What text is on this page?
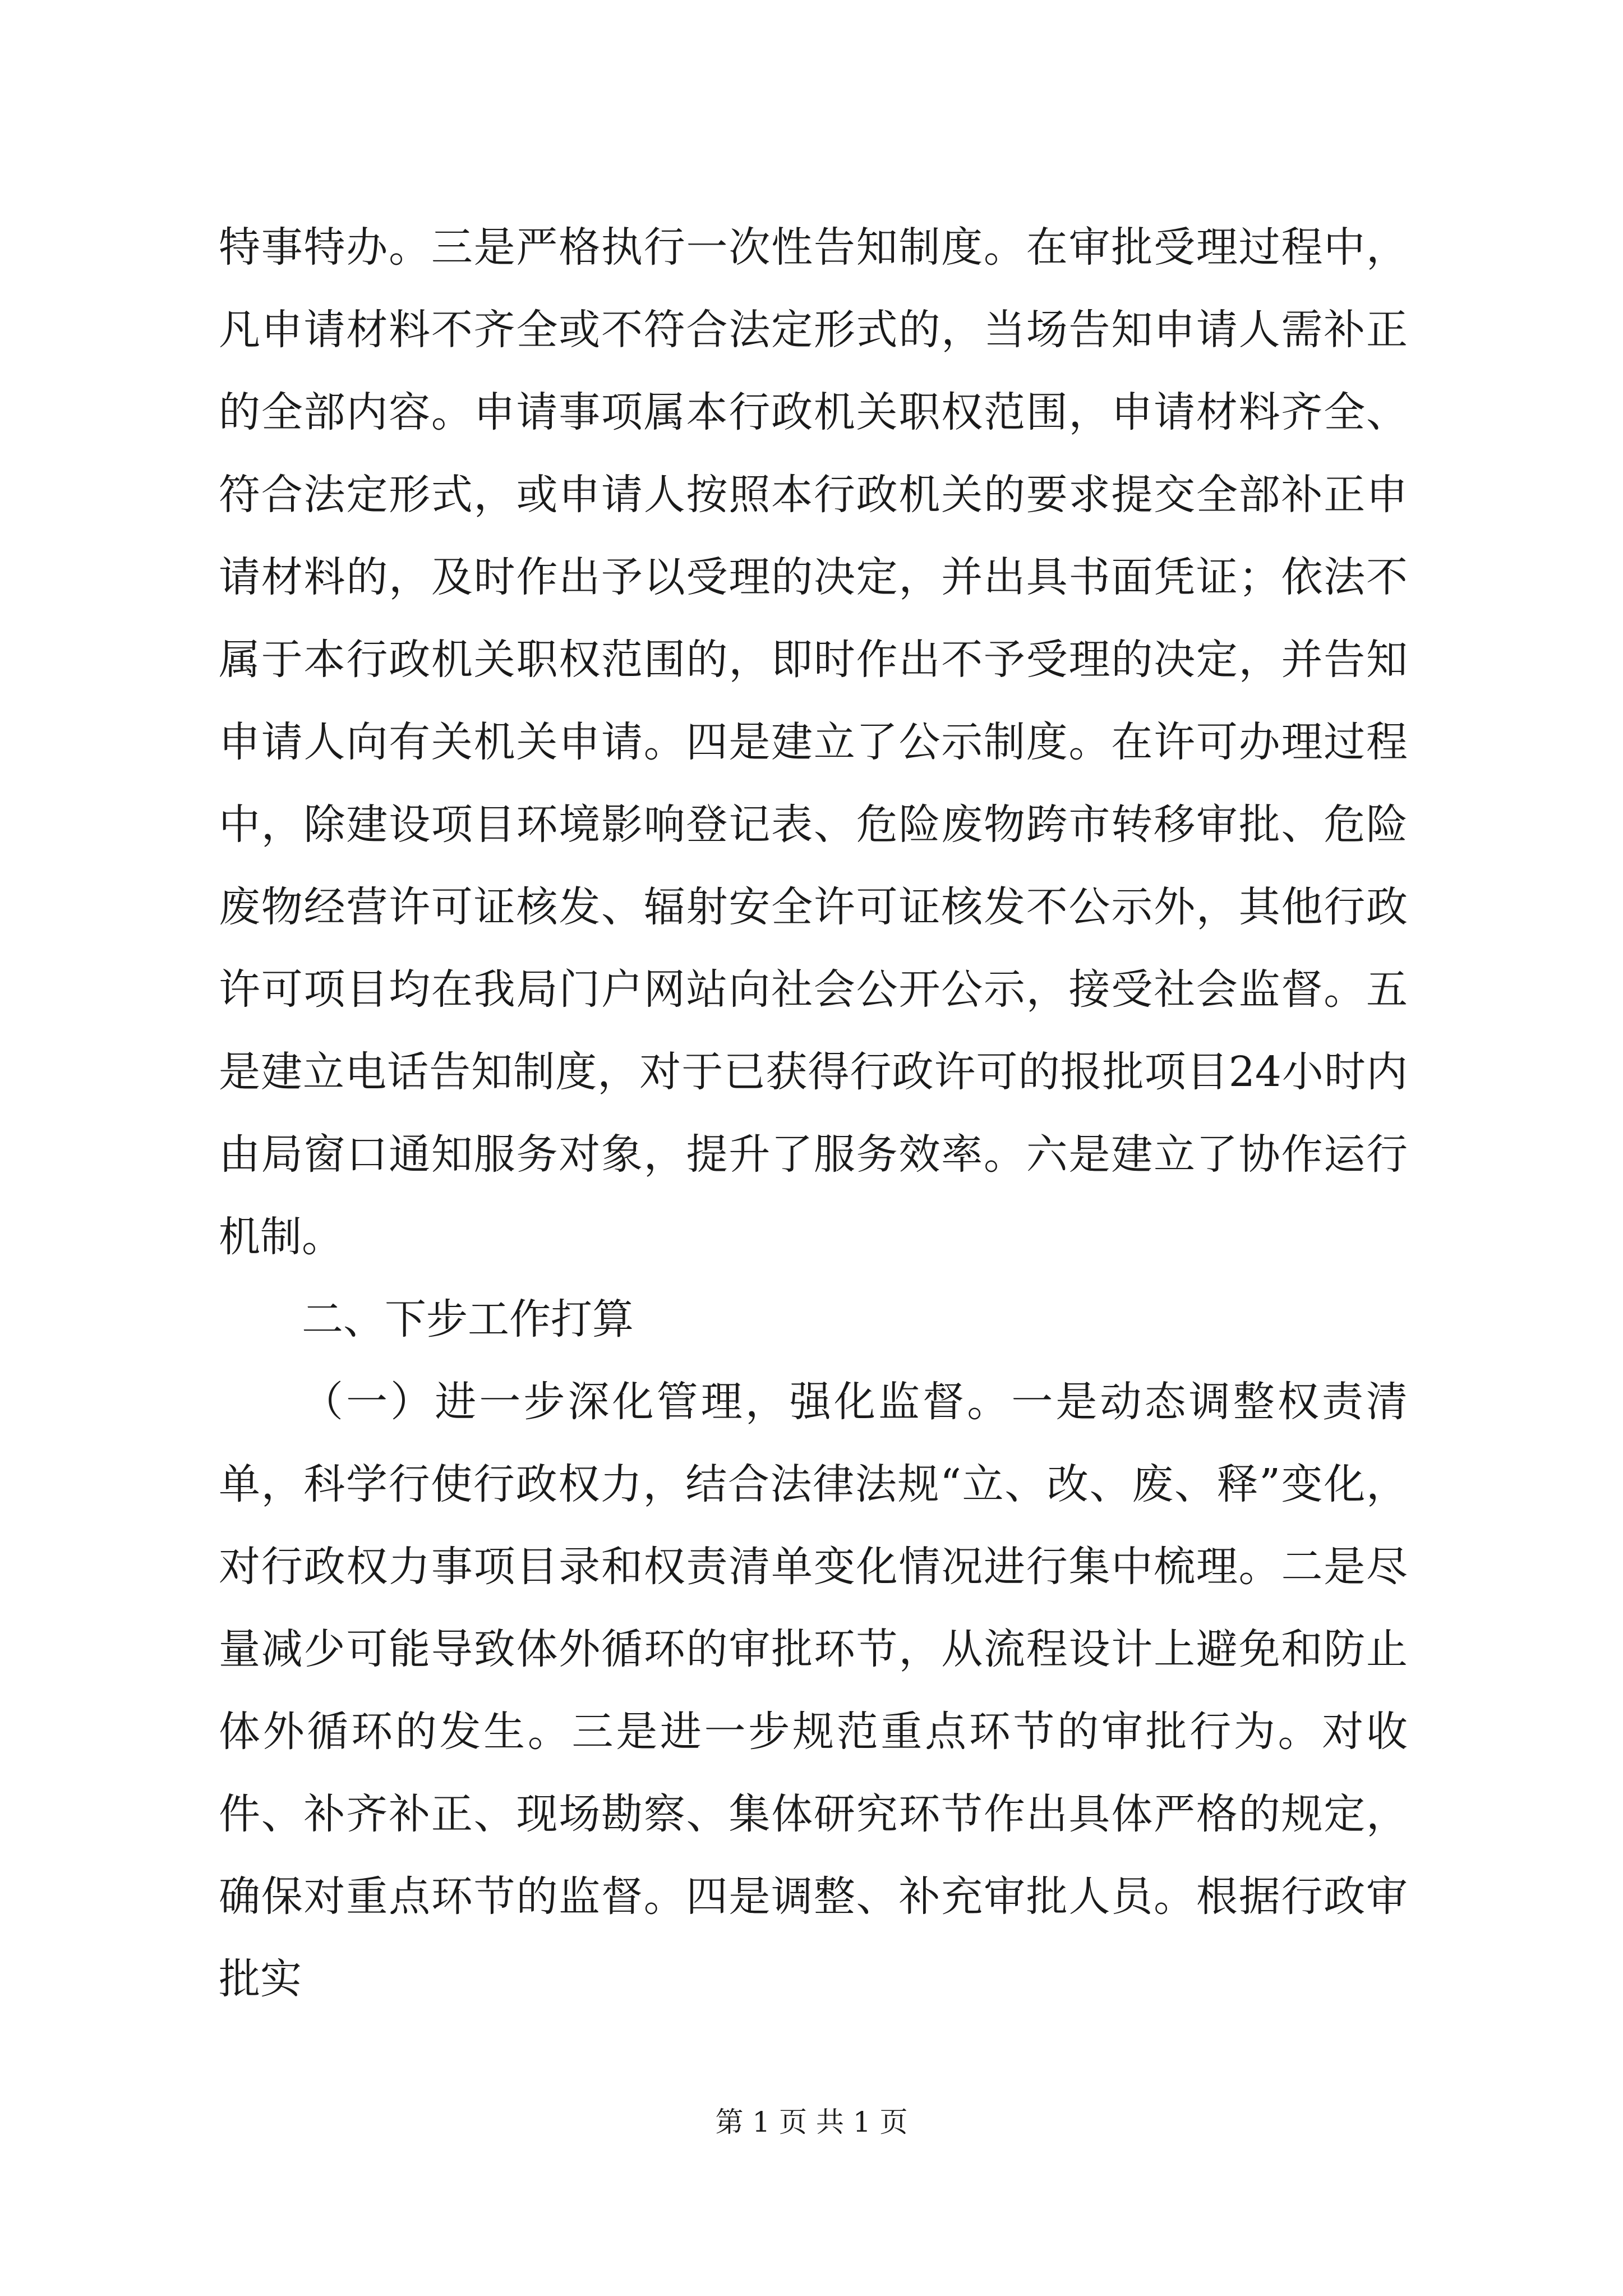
特事特办。三是严格执行一次性告知制度。在审批受理过程中，凡申请材料不齐全或不符合法定形式的，当场告知申请人需补正的全部内容。申请事项属本行政机关职权范围，申请材料齐全、符合法定形式，或申请人按照本行政机关的要求提交全部补正申请材料的，及时作出予以受理的决定，并出具书面凭证；依法不属于本行政机关职权范围的，即时作出不予受理的决定，并告知申请人向有关机关申请。四是建立了公示制度。在许可办理过程中，除建设项目环境影响登记表、危险废物跨市转移审批、危险废物经营许可证核发、辐射安全许可证核发不公示外，其他行政许可项目均在我局门户网站向社会公开公示，接受社会监督。五是建立电话告知制度，对于已获得行政许可的报批项目24小时内由局窗口通知服务对象，提升了服务效率。六是建立了协作运行机制。

二、下步工作打算

（一）进一步深化管理，强化监督。一是动态调整权责清单，科学行使行政权力，结合法律法规“立、改、废、释”变化，对行政权力事项目录和权责清单变化情况进行集中梳理。二是尽量减少可能导致体外循环的审批环节，从流程设计上避免和防止体外循环的发生。三是进一步规范重点环节的审批行为。对收件、补齐补正、现场勘察、集体研究环节作出具体严格的规定，确保对重点环节的监督。四是调整、补充审批人员。根据行政审批实

第 1 页 共 1 页
